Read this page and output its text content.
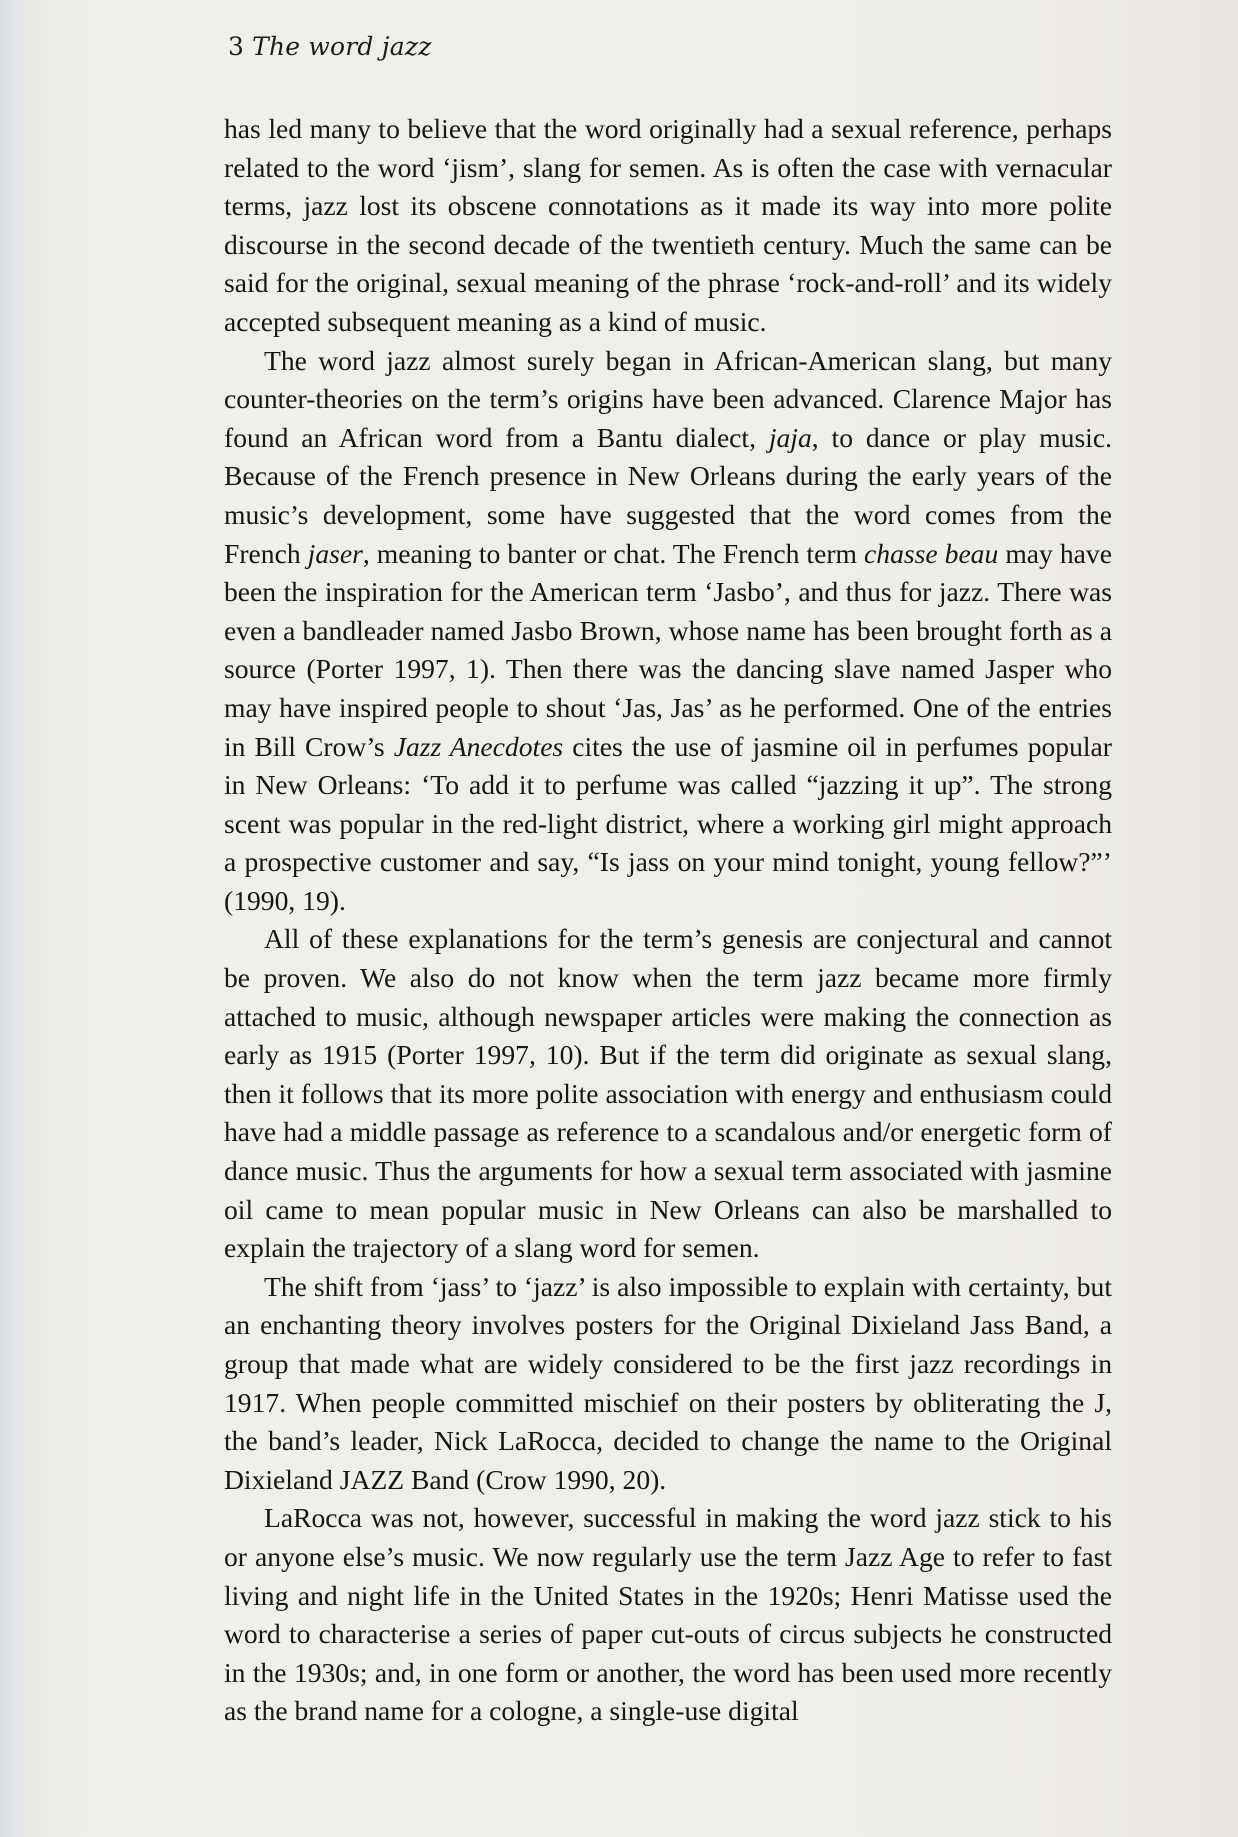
3 The word jazz

has led many to believe that the word originally had a sexual reference, perhaps related to the word ‘jism’, slang for semen. As is often the case with vernacular terms, jazz lost its obscene connotations as it made its way into more polite discourse in the second decade of the twentieth century. Much the same can be said for the original, sexual meaning of the phrase ‘rock-and-roll’ and its widely accepted subsequent meaning as a kind of music.

The word jazz almost surely began in African-American slang, but many counter-theories on the term’s origins have been advanced. Clarence Major has found an African word from a Bantu dialect, jaja, to dance or play music. Because of the French presence in New Orleans during the early years of the music’s development, some have suggested that the word comes from the French jaser, meaning to banter or chat. The French term chasse beau may have been the inspiration for the American term ‘Jasbo’, and thus for jazz. There was even a bandleader named Jasbo Brown, whose name has been brought forth as a source (Porter 1997, 1). Then there was the dancing slave named Jasper who may have inspired people to shout ‘Jas, Jas’ as he performed. One of the entries in Bill Crow’s Jazz Anecdotes cites the use of jasmine oil in perfumes popular in New Orleans: ‘To add it to perfume was called “jazzing it up”. The strong scent was popular in the red-light district, where a working girl might approach a prospective customer and say, “Is jass on your mind tonight, young fellow?”’ (1990, 19).

All of these explanations for the term’s genesis are conjectural and cannot be proven. We also do not know when the term jazz became more firmly attached to music, although newspaper articles were making the connection as early as 1915 (Porter 1997, 10). But if the term did originate as sexual slang, then it follows that its more polite association with energy and enthusiasm could have had a middle passage as reference to a scandalous and/or energetic form of dance music. Thus the arguments for how a sexual term associated with jasmine oil came to mean popular music in New Orleans can also be marshalled to explain the trajectory of a slang word for semen.

The shift from ‘jass’ to ‘jazz’ is also impossible to explain with certainty, but an enchanting theory involves posters for the Original Dixieland Jass Band, a group that made what are widely considered to be the first jazz recordings in 1917. When people committed mischief on their posters by obliterating the J, the band’s leader, Nick LaRocca, decided to change the name to the Original Dixieland JAZZ Band (Crow 1990, 20).

LaRocca was not, however, successful in making the word jazz stick to his or anyone else’s music. We now regularly use the term Jazz Age to refer to fast living and night life in the United States in the 1920s; Henri Matisse used the word to characterise a series of paper cut-outs of circus subjects he constructed in the 1930s; and, in one form or another, the word has been used more recently as the brand name for a cologne, a single-use digital
